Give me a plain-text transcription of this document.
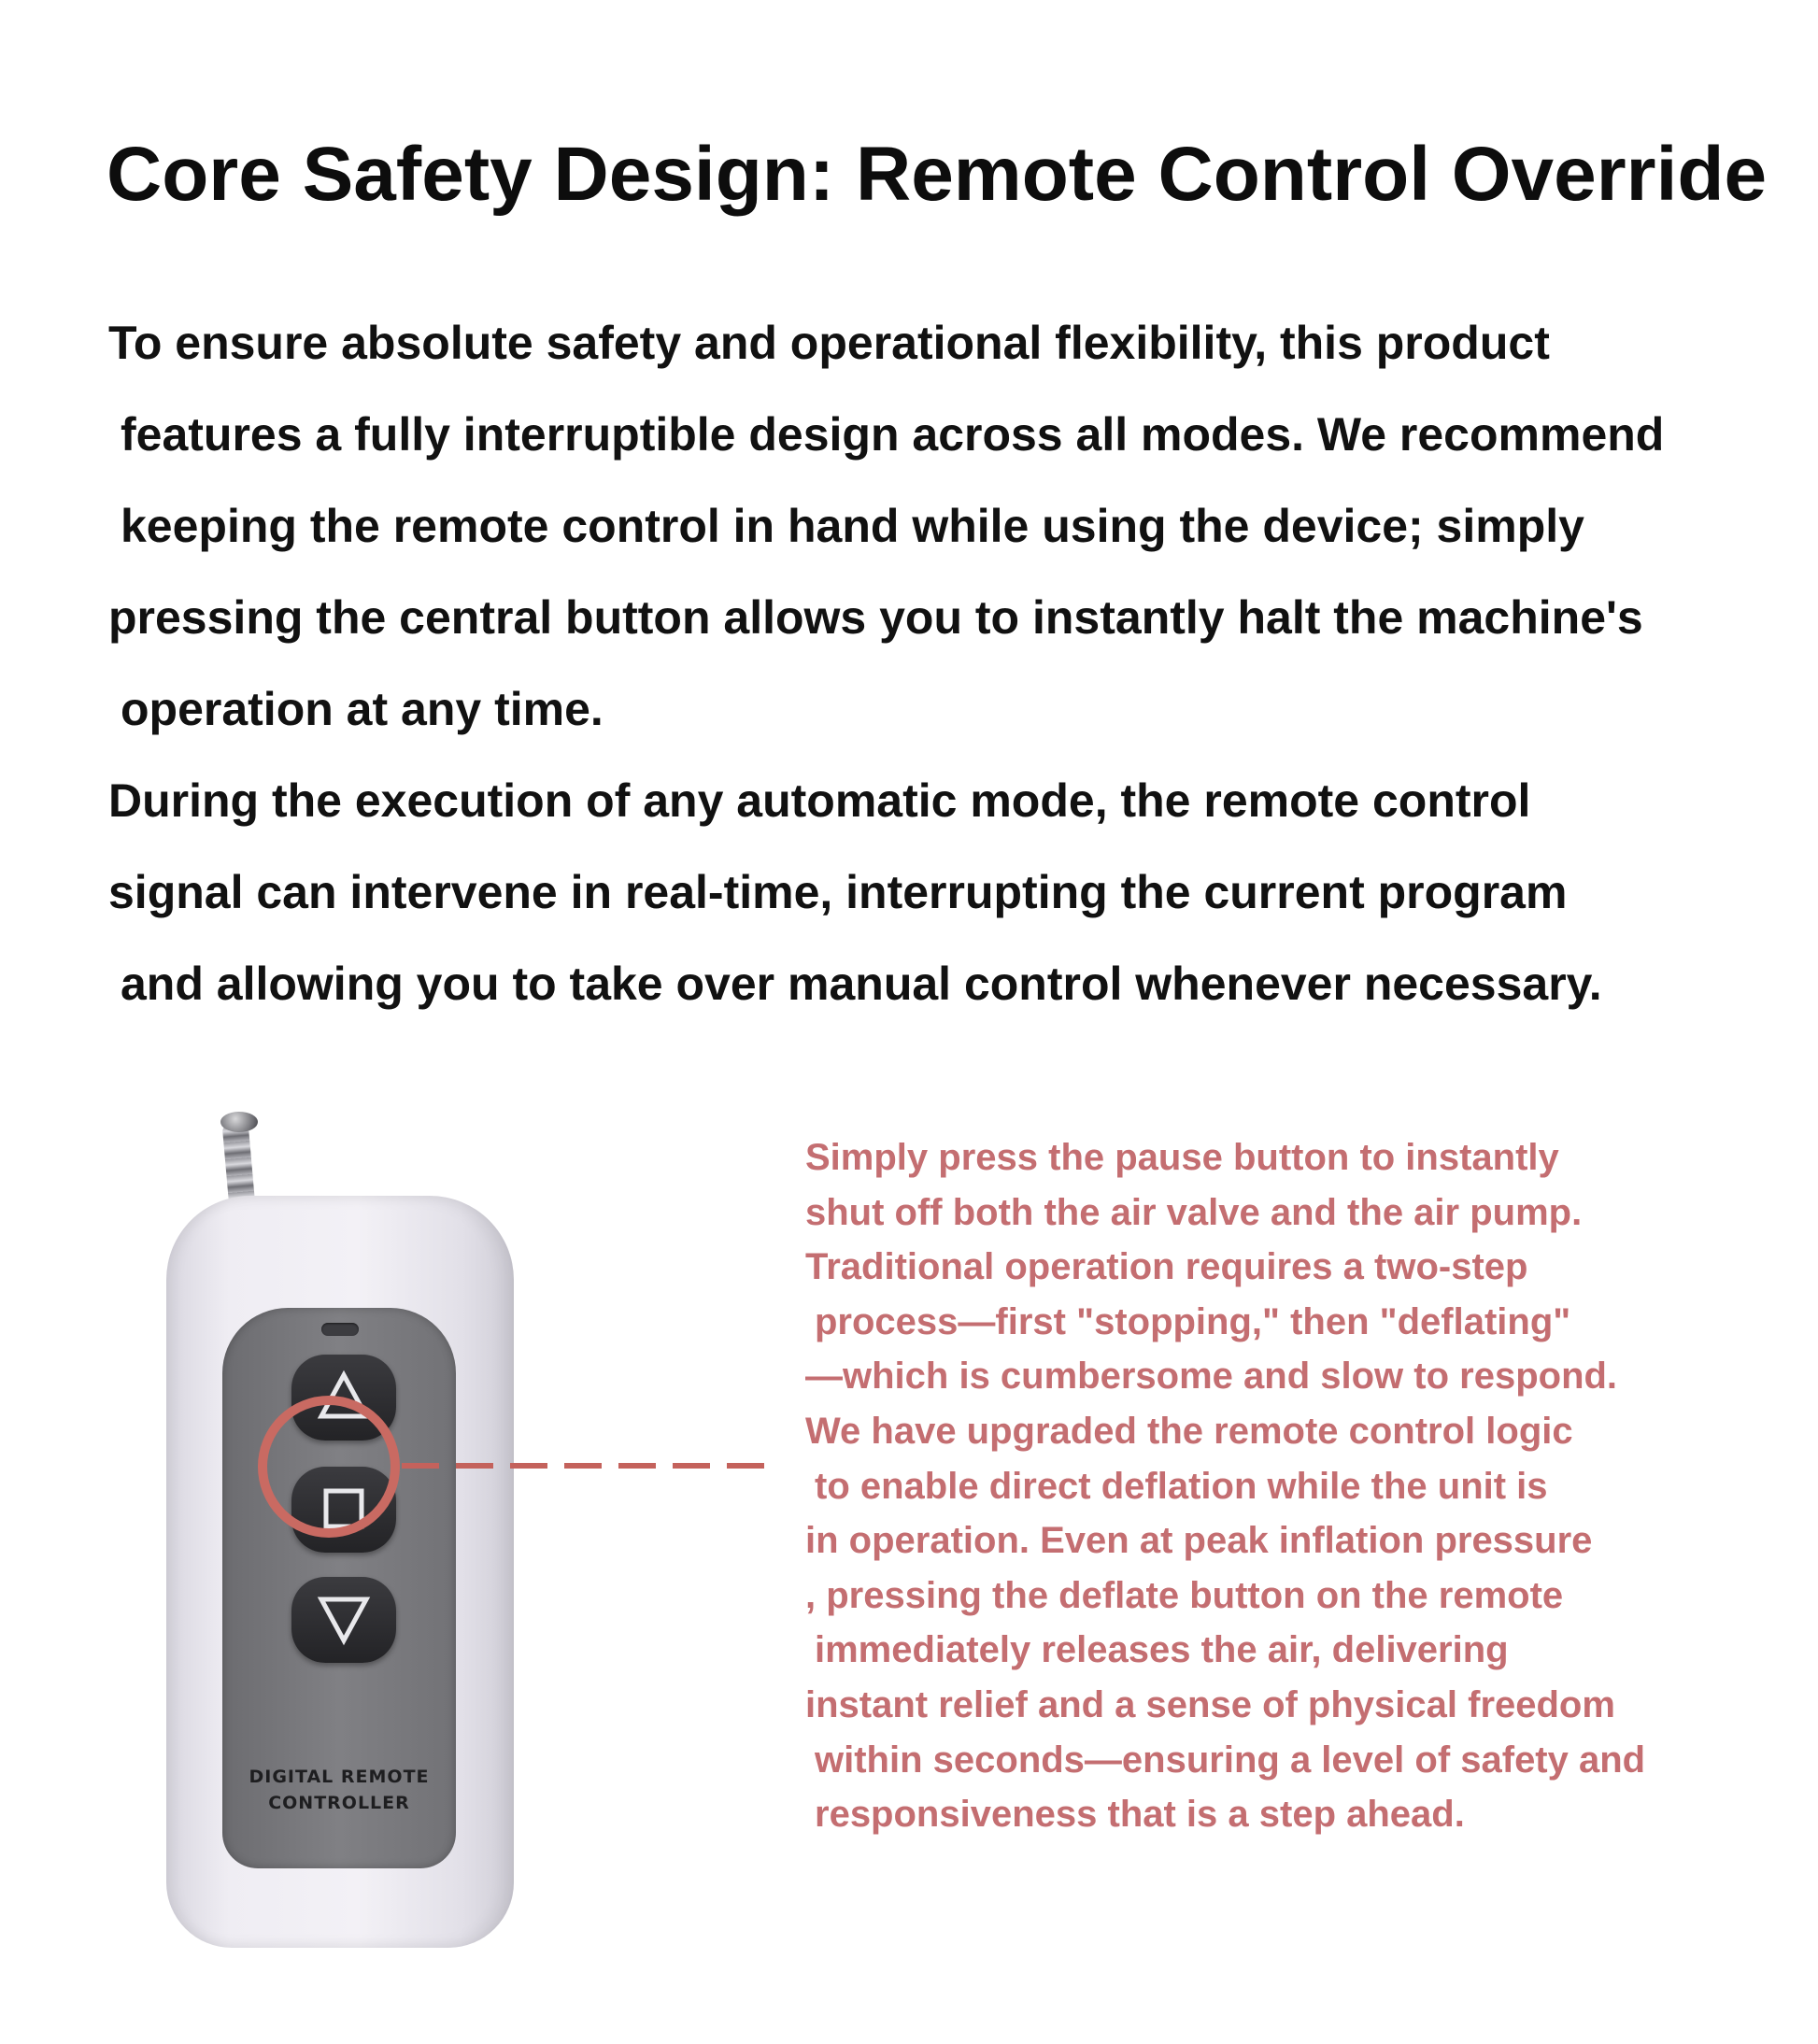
Core Safety Design: Remote Control Override
To ensure absolute safety and operational flexibility, this product
features a fully interruptible design across all modes. We recommend
keeping the remote control in hand while using the device; simply
pressing the central button allows you to instantly halt the machine's
operation at any time.
During the execution of any automatic mode, the remote control
signal can intervene in real-time, interrupting the current program
and allowing you to take over manual control whenever necessary.
DIGITAL REMOTE
CONTROLLER
Simply press the pause button to instantly
shut off both the air valve and the air pump.
Traditional operation requires a two-step
process—first "stopping," then "deflating"
—which is cumbersome and slow to respond.
We have upgraded the remote control logic
to enable direct deflation while the unit is
in operation. Even at peak inflation pressure
, pressing the deflate button on the remote
immediately releases the air, delivering
instant relief and a sense of physical freedom
within seconds—ensuring a level of safety and
responsiveness that is a step ahead.
